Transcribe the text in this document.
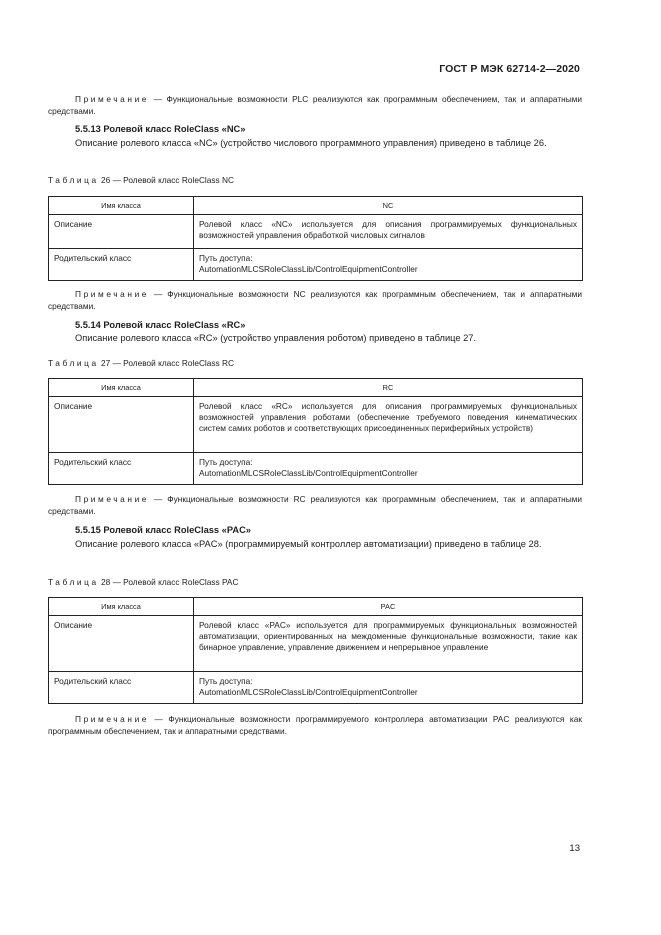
ГОСТ Р МЭК 62714-2—2020
Примечание — Функциональные возможности PLC реализуются как программным обеспечением, так и аппаратными средствами.
5.5.13 Ролевой класс RoleClass «NC»
Описание ролевого класса «NC» (устройство числового программного управления) приведено в таблице 26.
Таблица 26 — Ролевой класс RoleClass NC
Имя класса	NC
Описание	Ролевой класс «NC» используется для описания программируемых функциональных возможностей управления обработкой числовых сигналов
Родительский класс	Путь доступа:
AutomationMLCSRoleClassLib/ControlEquipmentController
Примечание — Функциональные возможности NC реализуются как программным обеспечением, так и аппаратными средствами.
5.5.14 Ролевой класс RoleClass «RC»
Описание ролевого класса «RC» (устройство управления роботом) приведено в таблице 27.
Таблица 27 — Ролевой класс RoleClass RC
Имя класса	RC
Описание	Ролевой класс «RC» используется для описания программируемых функциональных возможностей управления роботами (обеспечение требуемого поведения кинематических систем самих роботов и соответствующих присоединенных периферийных устройств)
Родительский класс	Путь доступа:
AutomationMLCSRoleClassLib/ControlEquipmentController
Примечание — Функциональные возможности RC реализуются как программным обеспечением, так и аппаратными средствами.
5.5.15 Ролевой класс RoleClass «PAC»
Описание ролевого класса «PAC» (программируемый контроллер автоматизации) приведено в таблице 28.
Таблица 28 — Ролевой класс RoleClass PAC
Имя класса	PAC
Описание	Ролевой класс «PAC» используется для программируемых функциональных возможностей автоматизации, ориентированных на междоменные функциональные возможности, такие как бинарное управление, управление движением и непрерывное управление
Родительский класс	Путь доступа:
AutomationMLCSRoleClassLib/ControlEquipmentController
Примечание — Функциональные возможности программируемого контроллера автоматизации PAC реализуются как программным обеспечением, так и аппаратными средствами.
13
